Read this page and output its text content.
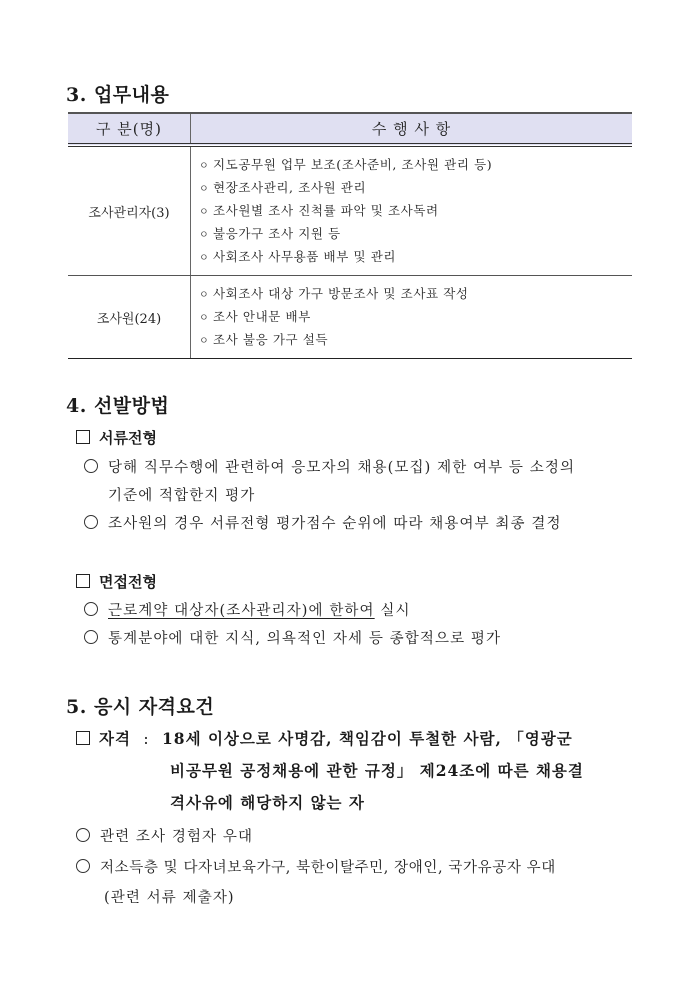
3. 업무내용
구 분(명)	수 행 사 항
조사관리자(3)	
ㅇ 지도공무원 업무 보조(조사준비, 조사원 관리 등)
ㅇ 현장조사관리, 조사원 관리
ㅇ 조사원별 조사 진척률 파악 및 조사독려
ㅇ 불응가구 조사 지원 등
ㅇ 사회조사 사무용품 배부 및 관리

조사원(24)	
ㅇ 사회조사 대상 가구 방문조사 및 조사표 작성
ㅇ 조사 안내문 배부
ㅇ 조사 불응 가구 설득
4. 선발방법
서류전형
당해 직무수행에 관련하여 응모자의 채용(모집) 제한 여부 등 소정의
기준에 적합한지 평가
조사원의 경우 서류전형 평가점수 순위에 따라 채용여부 최종 결정
면접전형
근로계약 대상자(조사관리자)에 한하여 실시
통계분야에 대한 지식, 의욕적인 자세 등 종합적으로 평가
5. 응시 자격요건
자격 : 18세 이상으로 사명감, 책임감이 투철한 사람, 「영광군
비공무원 공정채용에 관한 규정」 제24조에 따른 채용결
격사유에 해당하지 않는 자
관련 조사 경험자 우대
저소득층 및 다자녀보육가구, 북한이탈주민, 장애인, 국가유공자 우대
(관련 서류 제출자)
